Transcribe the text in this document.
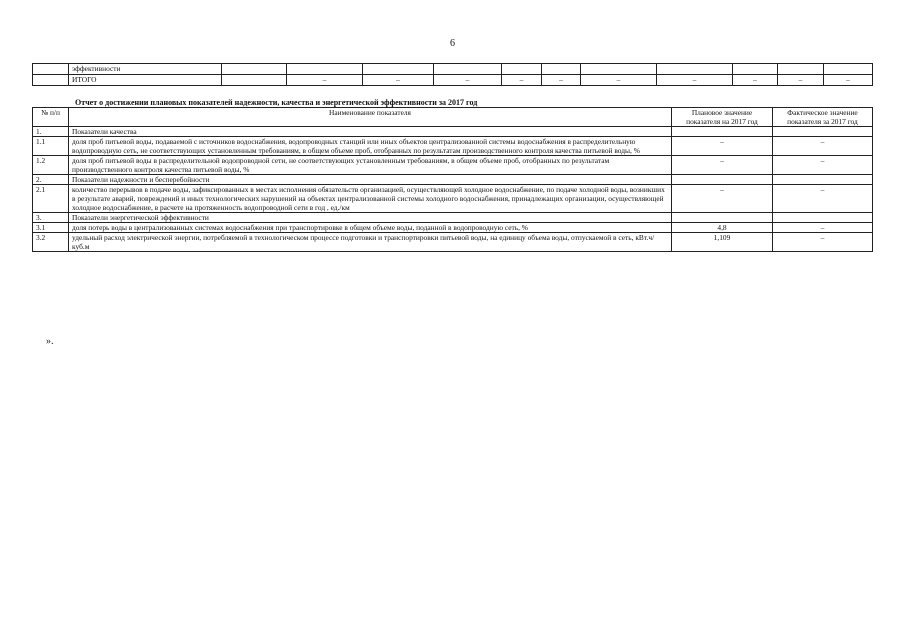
6
	эффективности											
	ИТОГО		–	–	–	–	–	–	–	–	–	–
Отчет о достижении плановых показателей надежности, качества и энергетической эффективности за 2017 год
№ п/п	Наименование показателя	Плановое значение показателя на 2017 год	Фактическое значение показателя за 2017 год
1.	Показатели качества		
1.1	доля проб питьевой воды, подаваемой с источников водоснабжения, водопроводных станций или иных объектов централизованной системы водоснабжения в распределительную водопроводную сеть, не соответствующих установленным требованиям, в общем объеме проб, отобранных по результатам производственного контроля качества питьевой воды, %	–	–
1.2	доля проб питьевой воды в распределительной водопроводной сети, не соответствующих установленным требованиям, в общем объеме проб, отобранных по результатам производственного контроля качества питьевой воды, %	–	–
2.	Показатели надежности и бесперебойности		
2.1	количество перерывов в подаче воды, зафиксированных в местах исполнения обязательств организацией, осуществляющей холодное водоснабжение, по подаче холодной воды, возникших в результате аварий, повреждений и иных технологических нарушений на объектах централизованной системы холодного водоснабжения, принадлежащих организации, осуществляющей холодное водоснабжение, в расчете на протяженность водопроводной сети в год , ед./км	–	–
3.	Показатели энергетической эффективности		
3.1	доля потерь воды в централизованных системах водоснабжения при транспортировке в общем объеме воды, поданной в водопроводную сеть, %	4,8	–
3.2	удельный расход электрической энергии, потребляемой в технологическом процессе подготовки и транспортировки питьевой воды, на единицу объема воды, отпускаемой в сеть, кВт.ч/куб.м	1,109	–
».
